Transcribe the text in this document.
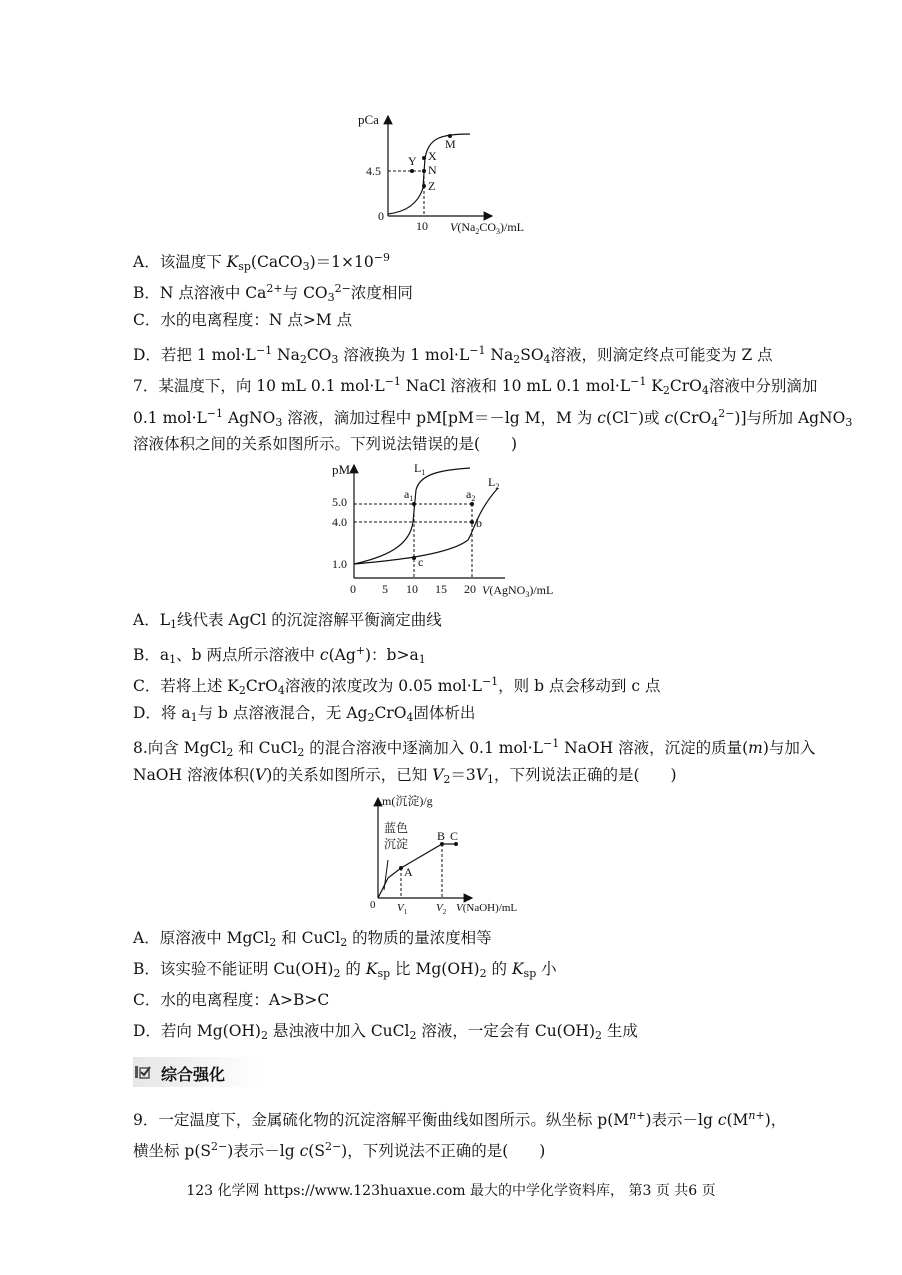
pCa
4.5
0
10 $V(Na_2CO_3)/mL$
M
X
Y
N
Z
A．该温度下 $K_{sp}(CaCO_3)=1\times 10^{-9}$
B．N 点溶液中 $Ca^{2+}$与 $CO_3^{2-}$浓度相同
C．水的电离程度：N 点>M 点
D．若把 1 $mol\cdot L^{-1}$ $Na_2CO_3$ 溶液换为 1 $mol\cdot L^{-1}$ $Na_2SO_4$溶液，则滴定终点可能变为 Z 点
7．某温度下，向 10 mL 0.1 $mol\cdot L^{-1}$ NaCl 溶液和 10 mL 0.1 $mol\cdot L^{-1}$ $K_2CrO_4$溶液中分别滴加
0.1 $mol\cdot L^{-1}$ AgNO$_3$ 溶液，滴加过程中 pM[pM＝－lg M，M 为 c(Cl−)或 c(CrO$_4^{2-}$)]与所加 AgNO$_3$
溶液体积之间的关系如图所示。下列说法错误的是(　　)
pM
5.0
4.0
1.0
0 5 10 15 20 V(AgNO$_3$)/mL
$L_1$
$L_2$
$a_1$	$a_2$
b
c
A．$L_1$线代表 AgCl 的沉淀溶解平衡滴定曲线
B．$a_1$、b 两点所示溶液中 c(Ag+)：$b>a_1$
C．若将上述 $K_2CrO_4$溶液的浓度改为 0.05 $mol\cdot L^{-1}$，则 b 点会移动到 c 点
D．将 $a_1$与 b 点溶液混合，无 $Ag_2CrO_4$固体析出
8.向含 MgCl$_2$ 和 CuCl$_2$ 的混合溶液中逐滴加入 0.1 $mol\cdot L^{-1}$ NaOH 溶液，沉淀的质量(m)与加入
NaOH 溶液体积(V)的关系如图所示，已知 $V_2=3V_1$，下列说法正确的是(　　)
m(沉淀)/g
蓝色
沉淀
0 $V_1$	$V_2$ V(NaOH)/mL
A
B C
A．原溶液中 MgCl$_2$ 和 CuCl$_2$ 的物质的量浓度相等
B．该实验不能证明 $Cu(OH)_2$ 的 $K_{sp}$ 比 $Mg(OH)_2$ 的 $K_{sp}$ 小
C．水的电离程度：A>B>C
D．若向 $Mg(OH)_2$ 悬浊液中加入 CuCl$_2$ 溶液，一定会有 $Cu(OH)_2$ 生成
综合强化
9．一定温度下，金属硫化物的沉淀溶解平衡曲线如图所示。纵坐标 $p(M^{n+})$表示－lg $c(M^{n+})$，
横坐标 $p(S^{2-})$表示－lg $c(S^{2-})$，下列说法不正确的是(　　)
123 化学网 https://www.123huaxue.com 最大的中学化学资料库， 第3 页 共6 页
